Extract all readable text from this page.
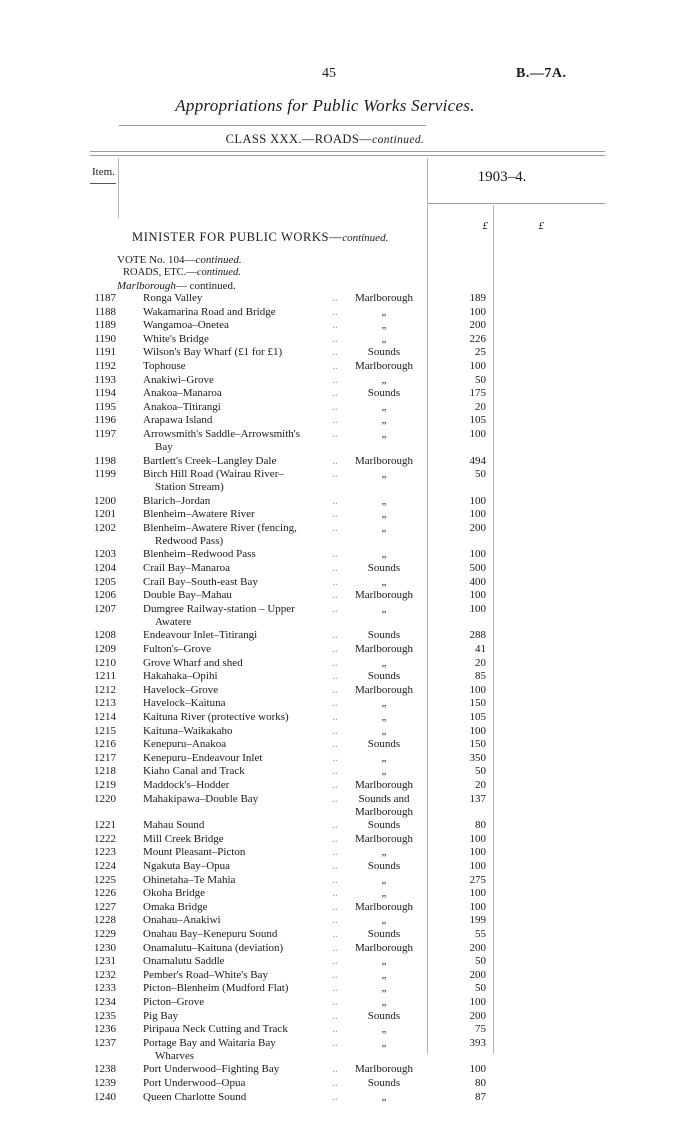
45	B.—7A.
Appropriations for Public Works Services.
CLASS XXX.—ROADS—continued.
Item.	1903–4.
£	£
MINISTER FOR PUBLIC WORKS—continued.
VOTE No. 104—continued.
ROADS, ETC.—continued.
Marlborough— continued.
1187 Ronga Valley	..	Marlborough	189
1188 Wakamarina Road and Bridge	..	„	100
1189 Wangamoa–Onetea	..	„	200
1190 White's Bridge	..	„	226
1191 Wilson's Bay Wharf (£1 for £1)	..	Sounds	25
1192 Tophouse	..	Marlborough	100
1193 Anakiwi–Grove	..	„	50
1194 Anakoa–Manaroa	..	Sounds	175
1195 Anakoa–Titirangi	..	„	20
1196 Arapawa Island	..	„	105
1197 Arrowsmith's Saddle–Arrowsmith's	..	„	100
Bay
1198 Bartlett's Creek–Langley Dale	..	Marlborough	494
1199 Birch Hill Road (Wairau River–	..	„	50
Station Stream)
1200 Blarich–Jordan	..	„	100
1201 Blenheim–Awatere River	..	„	100
1202 Blenheim–Awatere River (fencing,	..	„	200
Redwood Pass)
1203 Blenheim–Redwood Pass	..	„	100
1204 Crail Bay–Manaroa	..	Sounds	500
1205 Crail Bay–South-east Bay	..	„	400
1206 Double Bay–Mahau	..	Marlborough	100
1207 Dumgree Railway-station – Upper	..	„	100
Awatere
1208 Endeavour Inlet–Titirangi	..	Sounds	288
1209 Fulton's–Grove	..	Marlborough	41
1210 Grove Wharf and shed	..	„	20
1211 Hakahaka–Opihi	..	Sounds	85
1212 Havelock–Grove	..	Marlborough	100
1213 Havelock–Kaituna	..	„	150
1214 Kaituna River (protective works)	..	„	105
1215 Kaituna–Waikakaho	..	„	100
1216 Kenepuru–Anakoa	..	Sounds	150
1217 Kenepuru–Endeavour Inlet	..	„	350
1218 Kiaho Canal and Track	..	„	50
1219 Maddock's–Hodder	..	Marlborough	20
1220 Mahakipawa–Double Bay	..	Sounds and	137
Marlborough
1221 Mahau Sound	..	Sounds	80
1222 Mill Creek Bridge	..	Marlborough	100
1223 Mount Pleasant–Picton	..	„	100
1224 Ngakuta Bay–Opua	..	Sounds	100
1225 Ohinetaha–Te Mahia	..	„	275
1226 Okoha Bridge	..	„	100
1227 Omaka Bridge	..	Marlborough	100
1228 Onahau–Anakiwi	..	„	199
1229 Onahau Bay–Kenepuru Sound	..	Sounds	55
1230 Onamalutu–Kaituna (deviation)	..	Marlborough	200
1231 Onamalutu Saddle	..	„	50
1232 Pember's Road–White's Bay	..	„	200
1233 Picton–Blenheim (Mudford Flat)	..	„	50
1234 Picton–Grove	..	„	100
1235 Pig Bay	..	Sounds	200
1236 Piripaua Neck Cutting and Track	..	„	75
1237 Portage Bay and Waitaria Bay	..	„	393
Wharves
1238 Port Underwood–Fighting Bay	..	Marlborough	100
1239 Port Underwood–Opua	..	Sounds	80
1240 Queen Charlotte Sound	..	„	87
